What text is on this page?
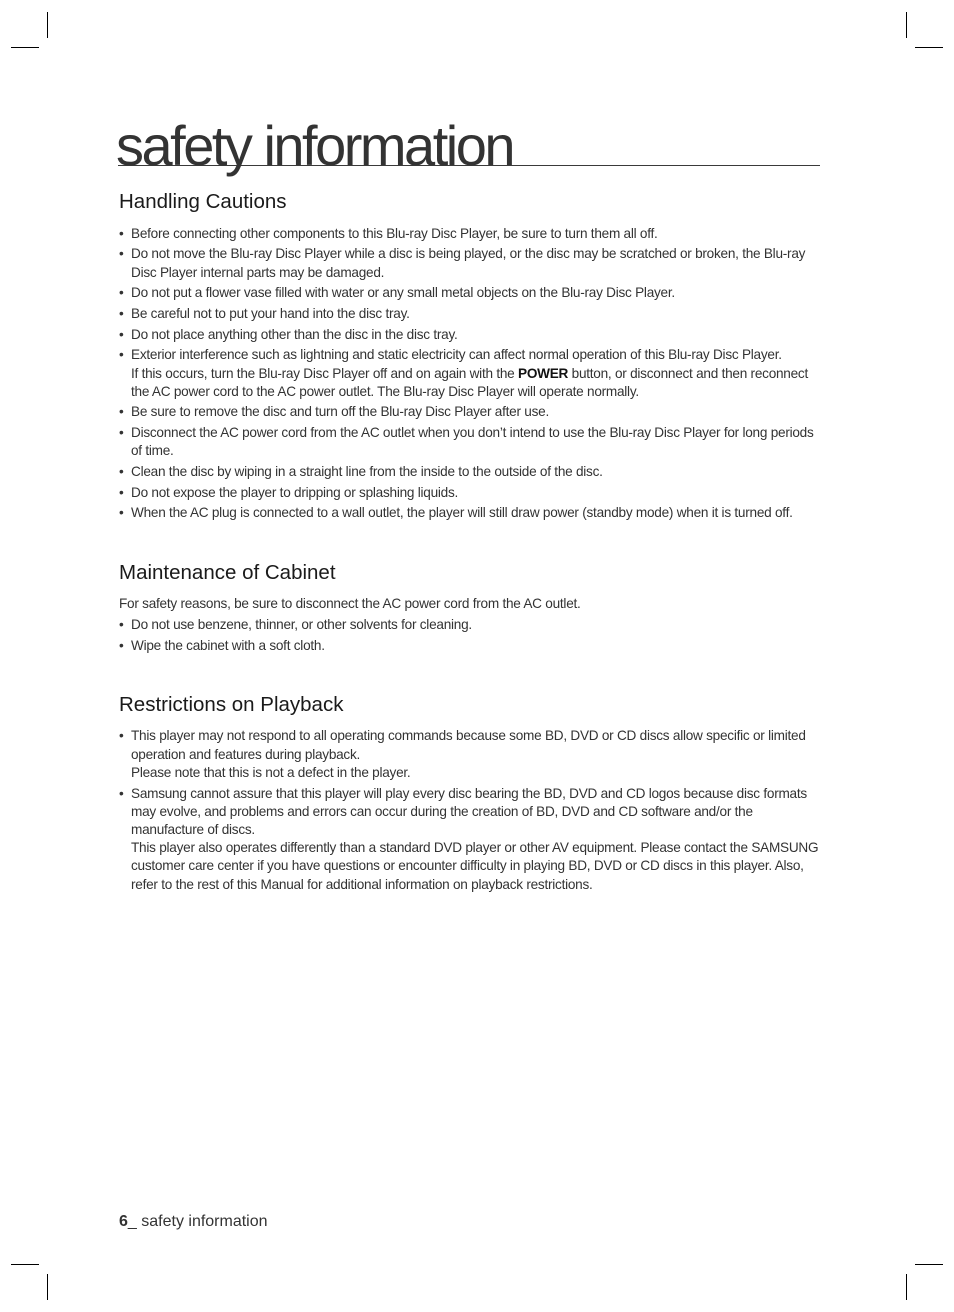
safety information
Handling Cautions
• Before connecting other components to this Blu-ray Disc Player, be sure to turn them all off.
• Do not move the Blu-ray Disc Player while a disc is being played, or the disc may be scratched or broken, the Blu-ray Disc Player internal parts may be damaged.
• Do not put a flower vase filled with water or any small metal objects on the Blu-ray Disc Player.
• Be careful not to put your hand into the disc tray.
• Do not place anything other than the disc in the disc tray.
• Exterior interference such as lightning and static electricity can affect normal operation of this Blu-ray Disc Player.
If this occurs, turn the Blu-ray Disc Player off and on again with the POWER button, or disconnect and then reconnect the AC power cord to the AC power outlet. The Blu-ray Disc Player will operate normally.
• Be sure to remove the disc and turn off the Blu-ray Disc Player after use.
• Disconnect the AC power cord from the AC outlet when you don’t intend to use the Blu-ray Disc Player for long periods of time.
• Clean the disc by wiping in a straight line from the inside to the outside of the disc.
• Do not expose the player to dripping or splashing liquids.
• When the AC plug is connected to a wall outlet, the player will still draw power (standby mode) when it is turned off.
Maintenance of Cabinet

For safety reasons, be sure to disconnect the AC power cord from the AC outlet.

• Do not use benzene, thinner, or other solvents for cleaning.
• Wipe the cabinet with a soft cloth.
Restrictions on Playback
• This player may not respond to all operating commands because some BD, DVD or CD discs allow specific or limited operation and features during playback.
Please note that this is not a defect in the player.
• Samsung cannot assure that this player will play every disc bearing the BD, DVD and CD logos because disc formats may evolve, and problems and errors can occur during the creation of BD, DVD and CD software and/or the manufacture of discs.
This player also operates differently than a standard DVD player or other AV equipment. Please contact the SAMSUNG customer care center if you have questions or encounter difficulty in playing BD, DVD or CD discs in this player. Also, refer to the rest of this Manual for additional information on playback restrictions.
6_ safety information
